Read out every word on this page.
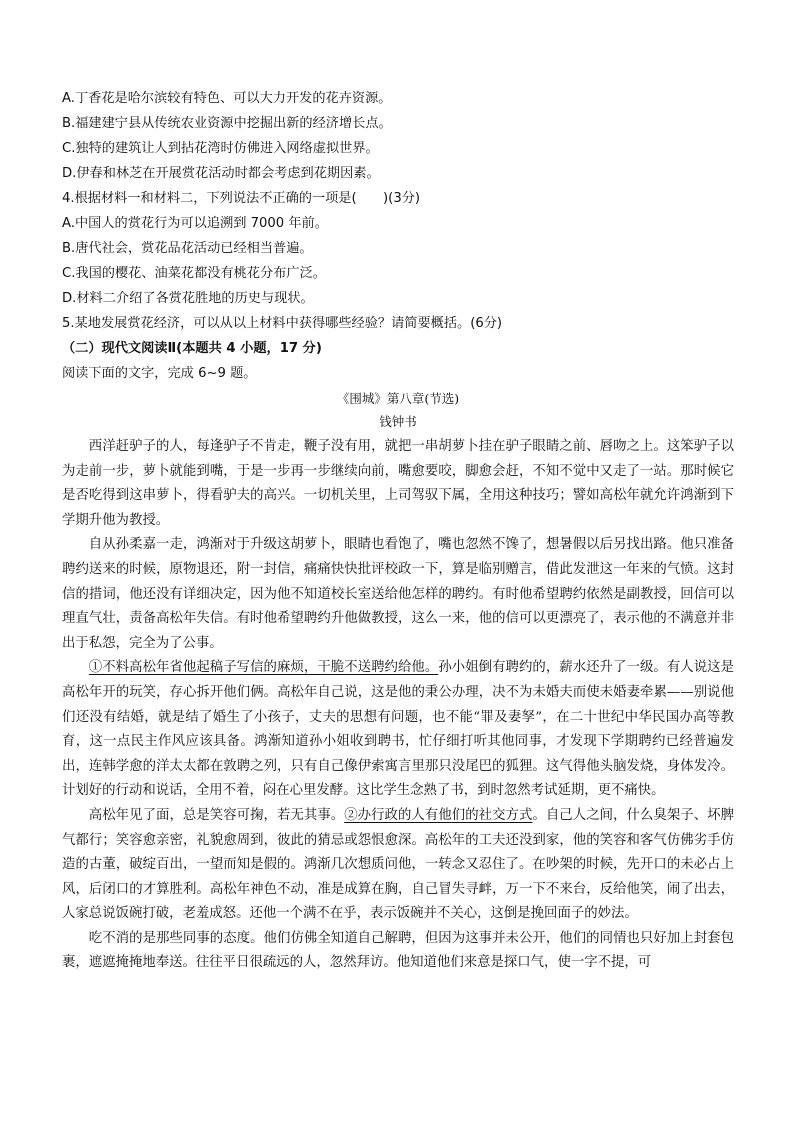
A.丁香花是哈尔滨较有特色、可以大力开发的花卉资源。
B.福建建宁县从传统农业资源中挖掘出新的经济增长点。
C.独特的建筑让人到拈花湾时仿佛进入网络虚拟世界。
D.伊春和林芝在开展赏花活动时都会考虑到花期因素。
4.根据材料一和材料二，下列说法不正确的一项是(　　)(3分)
A.中国人的赏花行为可以追溯到 7000 年前。
B.唐代社会，赏花品花活动已经相当普遍。
C.我国的樱花、油菜花都没有桃花分布广泛。
D.材料二介绍了各赏花胜地的历史与现状。
5.某地发展赏花经济，可以从以上材料中获得哪些经验？请简要概括。(6分)
（二）现代文阅读Ⅱ(本题共 4 小题，17 分)
阅读下面的文字，完成 6~9 题。
《围城》第八章(节选)
钱钟书

西洋赶驴子的人，每逢驴子不肯走，鞭子没有用，就把一串胡萝卜挂在驴子眼睛之前、唇吻之上。这笨驴子以为走前一步，萝卜就能到嘴，于是一步再一步继续向前，嘴愈要咬，脚愈会赶，不知不觉中又走了一站。那时候它是否吃得到这串萝卜，得看驴夫的高兴。一切机关里，上司驾驭下属，全用这种技巧；譬如高松年就允许鸿渐到下学期升他为教授。

自从孙柔嘉一走，鸿渐对于升级这胡萝卜，眼睛也看饱了，嘴也忽然不馋了，想暑假以后另找出路。他只准备聘约送来的时候，原物退还，附一封信，痛痛快快批评校政一下，算是临别赠言，借此发泄这一年来的气愤。这封信的措词，他还没有详细决定，因为他不知道校长室送给他怎样的聘约。有时他希望聘约依然是副教授，回信可以理直气壮，责备高松年失信。有时他希望聘约升他做教授，这么一来，他的信可以更漂亮了，表示他的不满意并非出于私怨，完全为了公事。

①不料高松年省他起稿子写信的麻烦，干脆不送聘约给他。孙小姐倒有聘约的，薪水还升了一级。有人说这是高松年开的玩笑，存心拆开他们俩。高松年自己说，这是他的秉公办理，决不为未婚夫而使未婚妻牵累——别说他们还没有结婚，就是结了婚生了小孩子，丈夫的思想有问题，也不能“罪及妻孥”，在二十世纪中华民国办高等教育，这一点民主作风应该具备。鸿渐知道孙小姐收到聘书，忙仔细打听其他同事，才发现下学期聘约已经普遍发出，连韩学愈的洋太太都在敦聘之列，只有自己像伊索寓言里那只没尾巴的狐狸。这气得他头脑发烧，身体发冷。计划好的行动和说话，全用不着，闷在心里发酵。这比学生念熟了书，到时忽然考试延期，更不痛快。

高松年见了面，总是笑容可掬，若无其事。②办行政的人有他们的社交方式。自己人之间，什么臭架子、坏脾气都行；笑容愈亲密，礼貌愈周到，彼此的猜忌或怨恨愈深。高松年的工夫还没到家，他的笑容和客气仿佛劣手仿造的古董，破绽百出，一望而知是假的。鸿渐几次想质问他，一转念又忍住了。在吵架的时候，先开口的未必占上风，后闭口的才算胜利。高松年神色不动，准是成算在胸，自己冒失寻衅，万一下不来台，反给他笑，闹了出去，人家总说饭碗打破，老羞成怒。还他一个满不在乎，表示饭碗并不关心，这倒是挽回面子的妙法。

吃不消的是那些同事的态度。他们仿佛全知道自己解聘，但因为这事并未公开，他们的同情也只好加上封套包裹，遮遮掩掩地奉送。往往平日很疏远的人，忽然拜访。他知道他们来意是探口气，使一字不提，可
